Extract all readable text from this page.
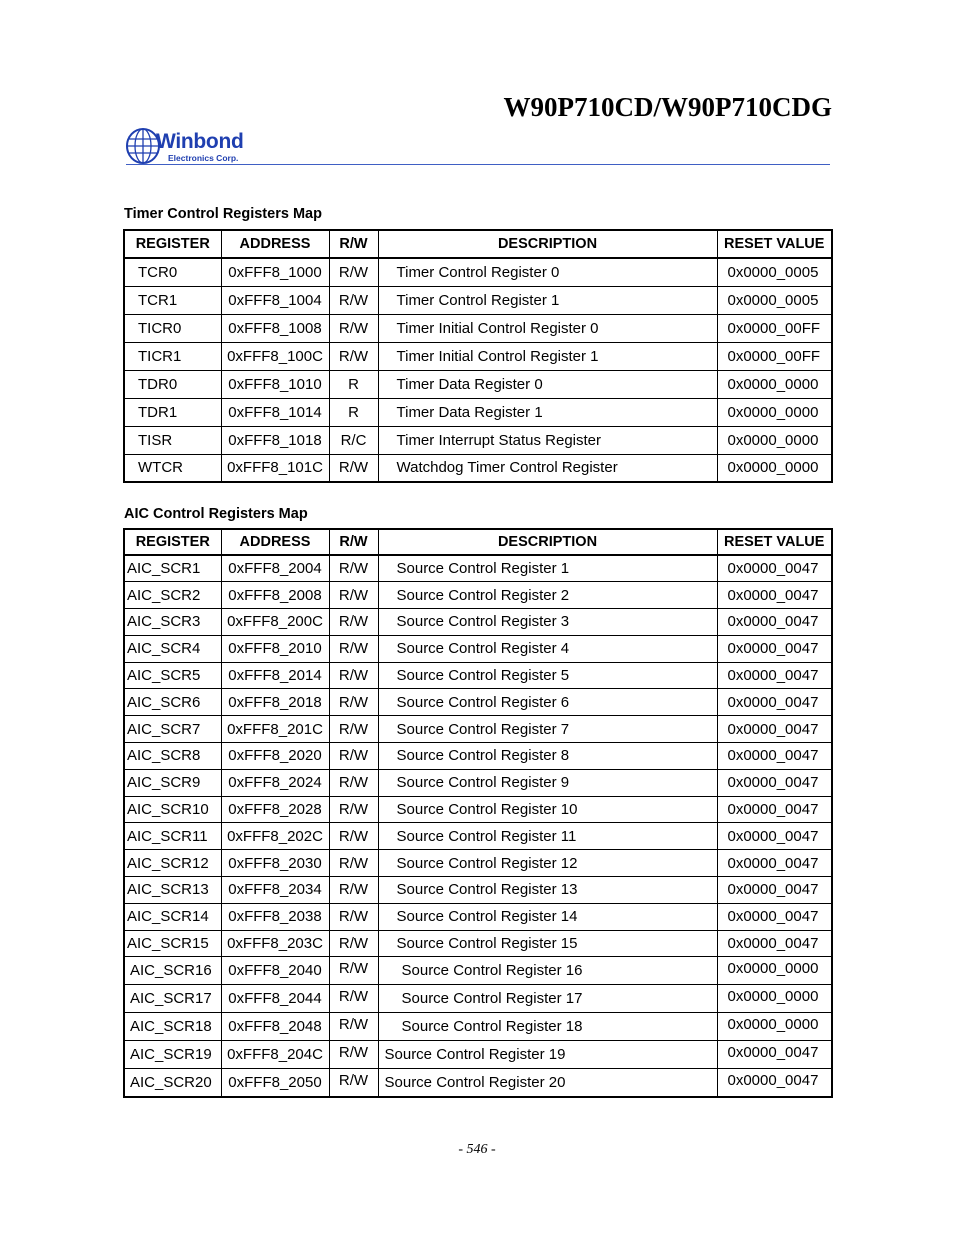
W90P710CD/W90P710CDG
Winbond
Electronics Corp.
Timer Control Registers Map
REGISTER	ADDRESS	R/W	DESCRIPTION	RESET VALUE
TCR0	0xFFF8_1000	R/W	Timer Control Register 0	0x0000_0005
TCR1	0xFFF8_1004	R/W	Timer Control Register 1	0x0000_0005
TICR0	0xFFF8_1008	R/W	Timer Initial Control Register 0	0x0000_00FF
TICR1	0xFFF8_100C	R/W	Timer Initial Control Register 1	0x0000_00FF
TDR0	0xFFF8_1010	R	Timer Data Register 0	0x0000_0000
TDR1	0xFFF8_1014	R	Timer Data Register 1	0x0000_0000
TISR	0xFFF8_1018	R/C	Timer Interrupt Status Register	0x0000_0000
WTCR	0xFFF8_101C	R/W	Watchdog Timer Control Register	0x0000_0000
AIC Control Registers Map
REGISTER	ADDRESS	R/W	DESCRIPTION	RESET VALUE
AIC_SCR1	0xFFF8_2004	R/W	Source Control Register 1	0x0000_0047
AIC_SCR2	0xFFF8_2008	R/W	Source Control Register 2	0x0000_0047
AIC_SCR3	0xFFF8_200C	R/W	Source Control Register 3	0x0000_0047
AIC_SCR4	0xFFF8_2010	R/W	Source Control Register 4	0x0000_0047
AIC_SCR5	0xFFF8_2014	R/W	Source Control Register 5	0x0000_0047
AIC_SCR6	0xFFF8_2018	R/W	Source Control Register 6	0x0000_0047
AIC_SCR7	0xFFF8_201C	R/W	Source Control Register 7	0x0000_0047
AIC_SCR8	0xFFF8_2020	R/W	Source Control Register 8	0x0000_0047
AIC_SCR9	0xFFF8_2024	R/W	Source Control Register 9	0x0000_0047
AIC_SCR10	0xFFF8_2028	R/W	Source Control Register 10	0x0000_0047
AIC_SCR11	0xFFF8_202C	R/W	Source Control Register 11	0x0000_0047
AIC_SCR12	0xFFF8_2030	R/W	Source Control Register 12	0x0000_0047
AIC_SCR13	0xFFF8_2034	R/W	Source Control Register 13	0x0000_0047
AIC_SCR14	0xFFF8_2038	R/W	Source Control Register 14	0x0000_0047
AIC_SCR15	0xFFF8_203C	R/W	Source Control Register 15	0x0000_0047
AIC_SCR16	0xFFF8_2040	R/W	Source Control Register 16	0x0000_0000
AIC_SCR17	0xFFF8_2044	R/W	Source Control Register 17	0x0000_0000
AIC_SCR18	0xFFF8_2048	R/W	Source Control Register 18	0x0000_0000
AIC_SCR19	0xFFF8_204C	R/W	Source Control Register 19	0x0000_0047
AIC_SCR20	0xFFF8_2050	R/W	Source Control Register 20	0x0000_0047
- 546 -
